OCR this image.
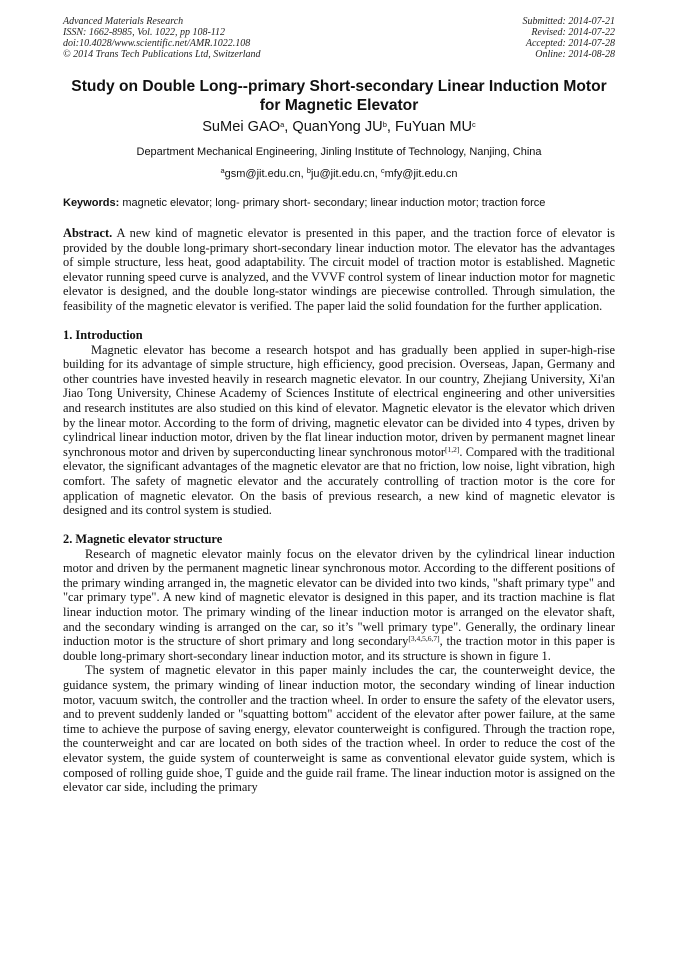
Advanced Materials Research
ISSN: 1662-8985, Vol. 1022, pp 108-112
doi:10.4028/www.scientific.net/AMR.1022.108
© 2014 Trans Tech Publications Ltd, Switzerland
Submitted: 2014-07-21
Revised: 2014-07-22
Accepted: 2014-07-28
Online: 2014-08-28
Study on Double Long--primary Short-secondary Linear Induction Motor for Magnetic Elevator
SuMei GAO$^a$, QuanYong $JU^b$, FuYuan $MU^c$
Department Mechanical Engineering, Jinling Institute of Technology, Nanjing, China
$^a$gsm@jit.edu.cn, $^b$ju@jit.edu.cn, $^c$mfy@jit.edu.cn
Keywords: magnetic elevator; long- primary short- secondary; linear induction motor; traction force

Abstract. A new kind of magnetic elevator is presented in this paper, and the traction force of elevator is provided by the double long-primary short-secondary linear induction motor. The elevator has the advantages of simple structure, less heat, good adaptability. The circuit model of traction motor is established. Magnetic elevator running speed curve is analyzed, and the VVVF control system of linear induction motor for magnetic elevator is designed, and the double long-stator windings are piecewise controlled. Through simulation, the feasibility of the magnetic elevator is verified. The paper laid the solid foundation for the further application.

1. Introduction

Magnetic elevator has become a research hotspot and has gradually been applied in super-high-rise building for its advantage of simple structure, high efficiency, good precision. Overseas, Japan, Germany and other countries have invested heavily in research magnetic elevator. In our country, Zhejiang University, Xi'an Jiao Tong University, Chinese Academy of Sciences Institute of electrical engineering and other universities and research institutes are also studied on this kind of elevator. Magnetic elevator is the elevator which driven by the linear motor. According to the form of driving, magnetic elevator can be divided into 4 types, driven by cylindrical linear induction motor, driven by the flat linear induction motor, driven by permanent magnet linear synchronous motor and driven by superconducting linear synchronous motor[1,2]. Compared with the traditional elevator, the significant advantages of the magnetic elevator are that no friction, low noise, light vibration, high comfort. The safety of magnetic elevator and the accurately controlling of traction motor is the core for application of magnetic elevator. On the basis of previous research, a new kind of magnetic elevator is designed and its control system is studied.

2. Magnetic elevator structure

Research of magnetic elevator mainly focus on the elevator driven by the cylindrical linear induction motor and driven by the permanent magnetic linear synchronous motor. According to the different positions of the primary winding arranged in, the magnetic elevator can be divided into two kinds, "shaft primary type" and "car primary type". A new kind of magnetic elevator is designed in this paper, and its traction machine is flat linear induction motor. The primary winding of the linear induction motor is arranged on the elevator shaft, and the secondary winding is arranged on the car, so it’s "well primary type". Generally, the ordinary linear induction motor is the structure of short primary and long secondary[3,4,5,6,7], the traction motor in this paper is double long-primary short-secondary linear induction motor, and its structure is shown in figure 1.

The system of magnetic elevator in this paper mainly includes the car, the counterweight device, the guidance system, the primary winding of linear induction motor, the secondary winding of linear induction motor, vacuum switch, the controller and the traction wheel. In order to ensure the safety of the elevator users, and to prevent suddenly landed or "squatting bottom" accident of the elevator after power failure, at the same time to achieve the purpose of saving energy, elevator counterweight is configured. Through the traction rope, the counterweight and car are located on both sides of the traction wheel. In order to reduce the cost of the elevator system, the guide system of counterweight is same as conventional elevator guide system, which is composed of rolling guide shoe, T guide and the guide rail frame. The linear induction motor is assigned on the elevator car side, including the primary
